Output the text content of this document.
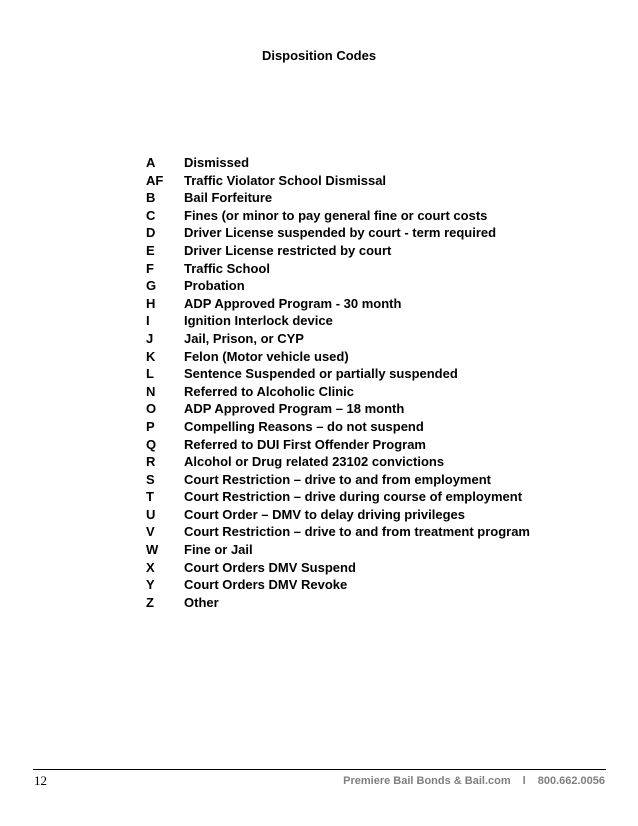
Disposition Codes
A Dismissed
AF Traffic Violator School Dismissal
B Bail Forfeiture
C Fines (or minor to pay general fine or court costs
D Driver License suspended by court - term required
E Driver License restricted by court
F Traffic School
G Probation
H ADP Approved Program - 30 month
I	Ignition Interlock device
J Jail, Prison, or CYP
K Felon (Motor vehicle used)
L Sentence Suspended or partially suspended
N Referred to Alcoholic Clinic
O ADP Approved Program – 18 month
P Compelling Reasons – do not suspend
Q Referred to DUI First Offender Program
R Alcohol or Drug related 23102 convictions
S Court Restriction – drive to and from employment
T Court Restriction – drive during course of employment
U Court Order – DMV to delay driving privileges
V Court Restriction – drive to and from treatment program
W Fine or Jail
X Court Orders DMV Suspend
Y Court Orders DMV Revoke
Z Other
12	Premiere Bail Bonds & Bail.com l 800.662.0056
